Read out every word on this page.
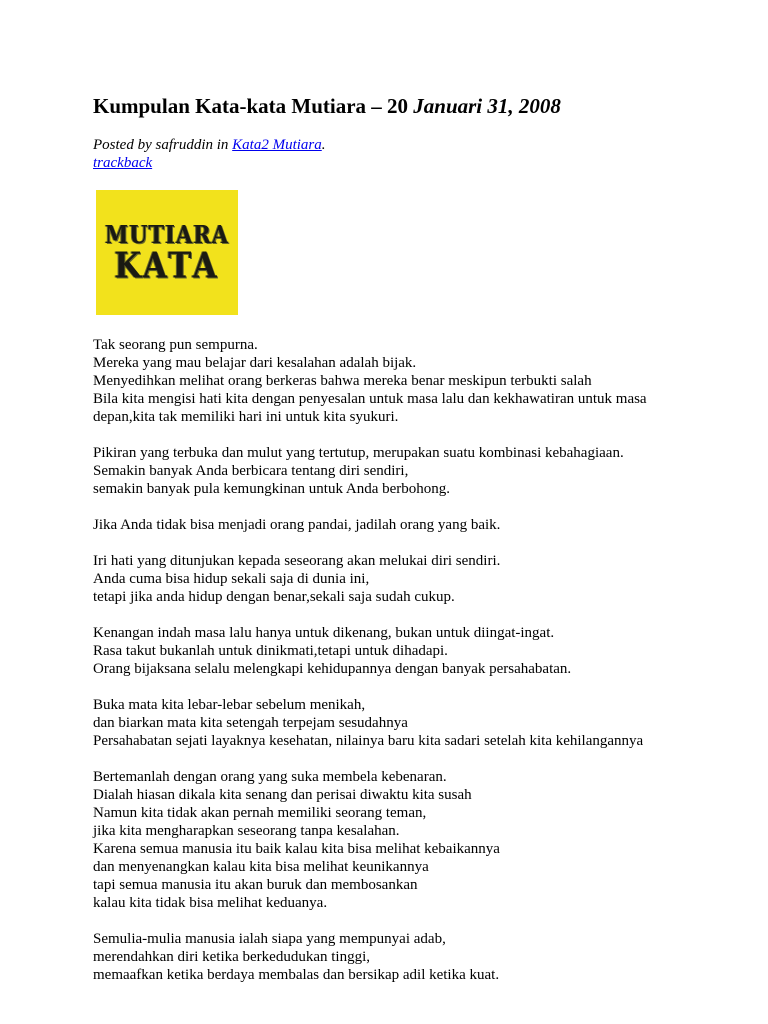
Kumpulan Kata-kata Mutiara – 20 Januari 31, 2008
Posted by safruddin in Kata2 Mutiara.
trackback
MUTIARA
KATA
Tak seorang pun sempurna.
Mereka yang mau belajar dari kesalahan adalah bijak.
Menyedihkan melihat orang berkeras bahwa mereka benar meskipun terbukti salah
Bila kita mengisi hati kita dengan penyesalan untuk masa lalu dan kekhawatiran untuk masa
depan,kita tak memiliki hari ini untuk kita syukuri.
Pikiran yang terbuka dan mulut yang tertutup, merupakan suatu kombinasi kebahagiaan.
Semakin banyak Anda berbicara tentang diri sendiri,
semakin banyak pula kemungkinan untuk Anda berbohong.
Jika Anda tidak bisa menjadi orang pandai, jadilah orang yang baik.
Iri hati yang ditunjukan kepada seseorang akan melukai diri sendiri.
Anda cuma bisa hidup sekali saja di dunia ini,
tetapi jika anda hidup dengan benar,sekali saja sudah cukup.
Kenangan indah masa lalu hanya untuk dikenang, bukan untuk diingat-ingat.
Rasa takut bukanlah untuk dinikmati,tetapi untuk dihadapi.
Orang bijaksana selalu melengkapi kehidupannya dengan banyak persahabatan.
Buka mata kita lebar-lebar sebelum menikah,
dan biarkan mata kita setengah terpejam sesudahnya
Persahabatan sejati layaknya kesehatan, nilainya baru kita sadari setelah kita kehilangannya
Bertemanlah dengan orang yang suka membela kebenaran.
Dialah hiasan dikala kita senang dan perisai diwaktu kita susah
Namun kita tidak akan pernah memiliki seorang teman,
jika kita mengharapkan seseorang tanpa kesalahan.
Karena semua manusia itu baik kalau kita bisa melihat kebaikannya
dan menyenangkan kalau kita bisa melihat keunikannya
tapi semua manusia itu akan buruk dan membosankan
kalau kita tidak bisa melihat keduanya.
Semulia-mulia manusia ialah siapa yang mempunyai adab,
merendahkan diri ketika berkedudukan tinggi,
memaafkan ketika berdaya membalas dan bersikap adil ketika kuat.
